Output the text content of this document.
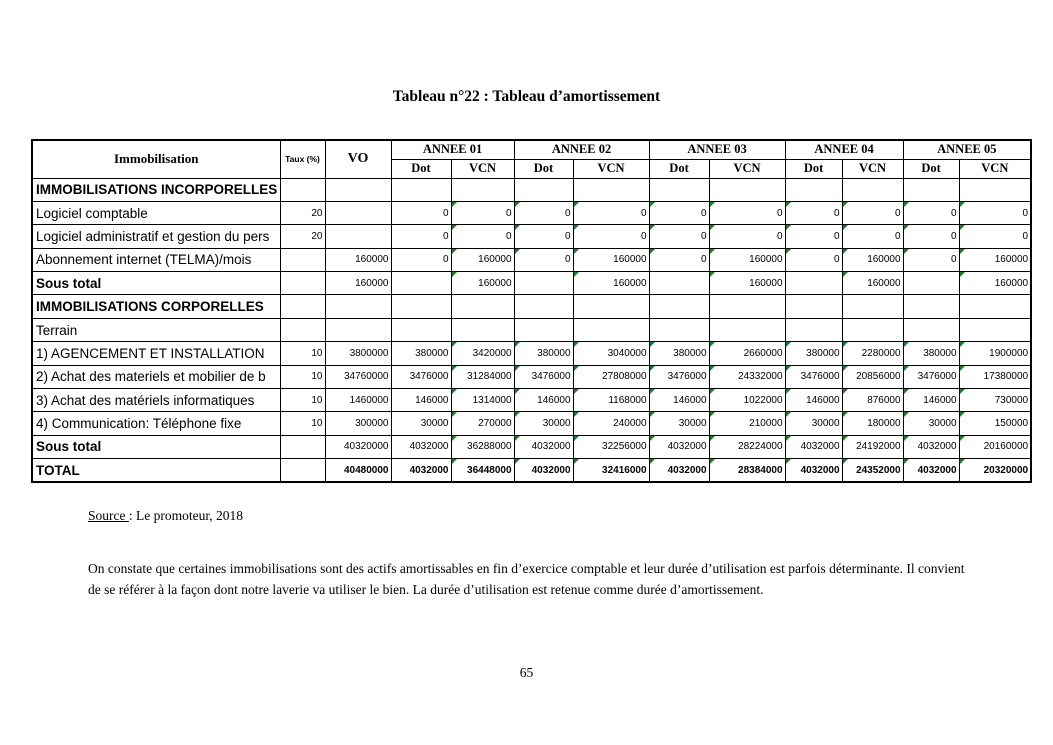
Tableau n°22 : Tableau d’amortissement
Immobilisation	Taux (%)	VO	ANNEE 01		ANNEE 02		ANNEE 03		ANNEE 04		ANNEE 05	
			Dot	VCN	Dot	VCN	Dot	VCN	Dot	VCN	Dot	VCN
IMMOBILISATIONS INCORPORELLES												
Logiciel comptable	20		0	0	0	0	0	0	0	0	0	0
Logiciel administratif et gestion du pers	20		0	0	0	0	0	0	0	0	0	0
Abonnement internet (TELMA)/mois		160000	0	160000	0	160000	0	160000	0	160000	0	160000
Sous total		160000		160000		160000		160000		160000		160000
IMMOBILISATIONS CORPORELLES												
Terrain												
1) AGENCEMENT ET INSTALLATION	10	3800000	380000	3420000	380000	3040000	380000	2660000	380000	2280000	380000	1900000
2) Achat des materiels et mobilier de b	10	34760000	3476000	31284000	3476000	27808000	3476000	24332000	3476000	20856000	3476000	17380000
3) Achat des matériels informatiques	10	1460000	146000	1314000	146000	1168000	146000	1022000	146000	876000	146000	730000
4) Communication: Téléphone fixe	10	300000	30000	270000	30000	240000	30000	210000	30000	180000	30000	150000
Sous total		40320000	4032000	36288000	4032000	32256000	4032000	28224000	4032000	24192000	4032000	20160000
TOTAL		40480000	4032000	36448000	4032000	32416000	4032000	28384000	4032000	24352000	4032000	20320000
Source : Le promoteur, 2018
On constate que certaines immobilisations sont des actifs amortissables en fin d’exercice comptable et leur durée d’utilisation est parfois déterminante. Il convient de se référer à la façon dont notre laverie va utiliser le bien. La durée d’utilisation est retenue comme durée d’amortissement.
65
